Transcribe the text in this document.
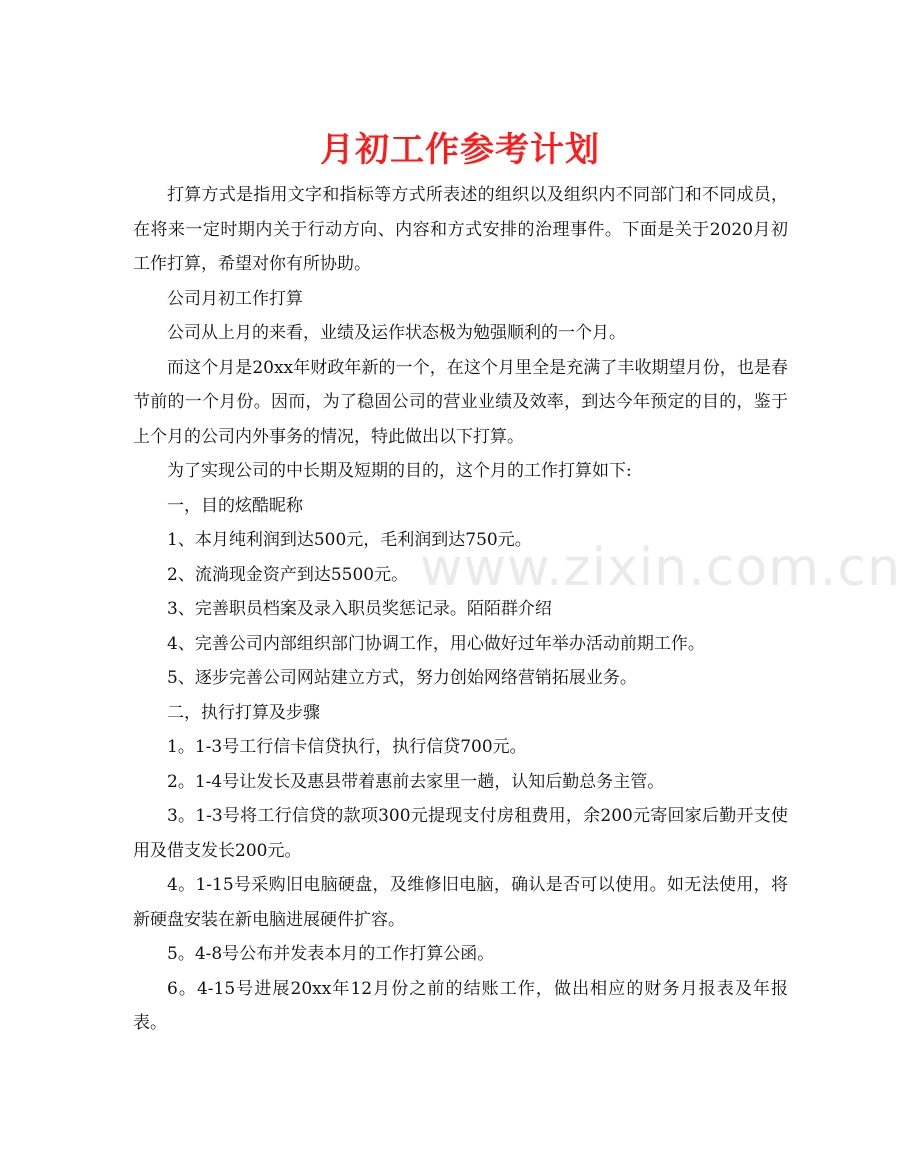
月初工作参考计划

打算方式是指用文字和指标等方式所表述的组织以及组织内不同部门和不同成员，在将来一定时期内关于行动方向、内容和方式安排的治理事件。下面是关于2020月初工作打算，希望对你有所协助。

公司月初工作打算

公司从上月的来看，业绩及运作状态极为勉强顺利的一个月。

而这个月是20xx年财政年新的一个，在这个月里全是充满了丰收期望月份，也是春节前的一个月份。因而，为了稳固公司的营业业绩及效率，到达今年预定的目的，鉴于上个月的公司内外事务的情况，特此做出以下打算。

为了实现公司的中长期及短期的目的，这个月的工作打算如下:

一，目的炫酷昵称

1、本月纯利润到达500元，毛利润到达750元。

2、流淌现金资产到达5500元。

3、完善职员档案及录入职员奖惩记录。陌陌群介绍

4、完善公司内部组织部门协调工作，用心做好过年举办活动前期工作。

5、逐步完善公司网站建立方式，努力创始网络营销拓展业务。

二，执行打算及步骤

1。1-3号工行信卡信贷执行，执行信贷700元。

2。1-4号让发长及惠县带着惠前去家里一趟，认知后勤总务主管。

3。1-3号将工行信贷的款项300元提现支付房租费用，余200元寄回家后勤开支使用及借支发长200元。

4。1-15号采购旧电脑硬盘，及维修旧电脑，确认是否可以使用。如无法使用，将新硬盘安装在新电脑进展硬件扩容。

5。4-8号公布并发表本月的工作打算公函。

6。4-15号进展20xx年12月份之前的结账工作，做出相应的财务月报表及年报表。

www.zixin.com.cn
